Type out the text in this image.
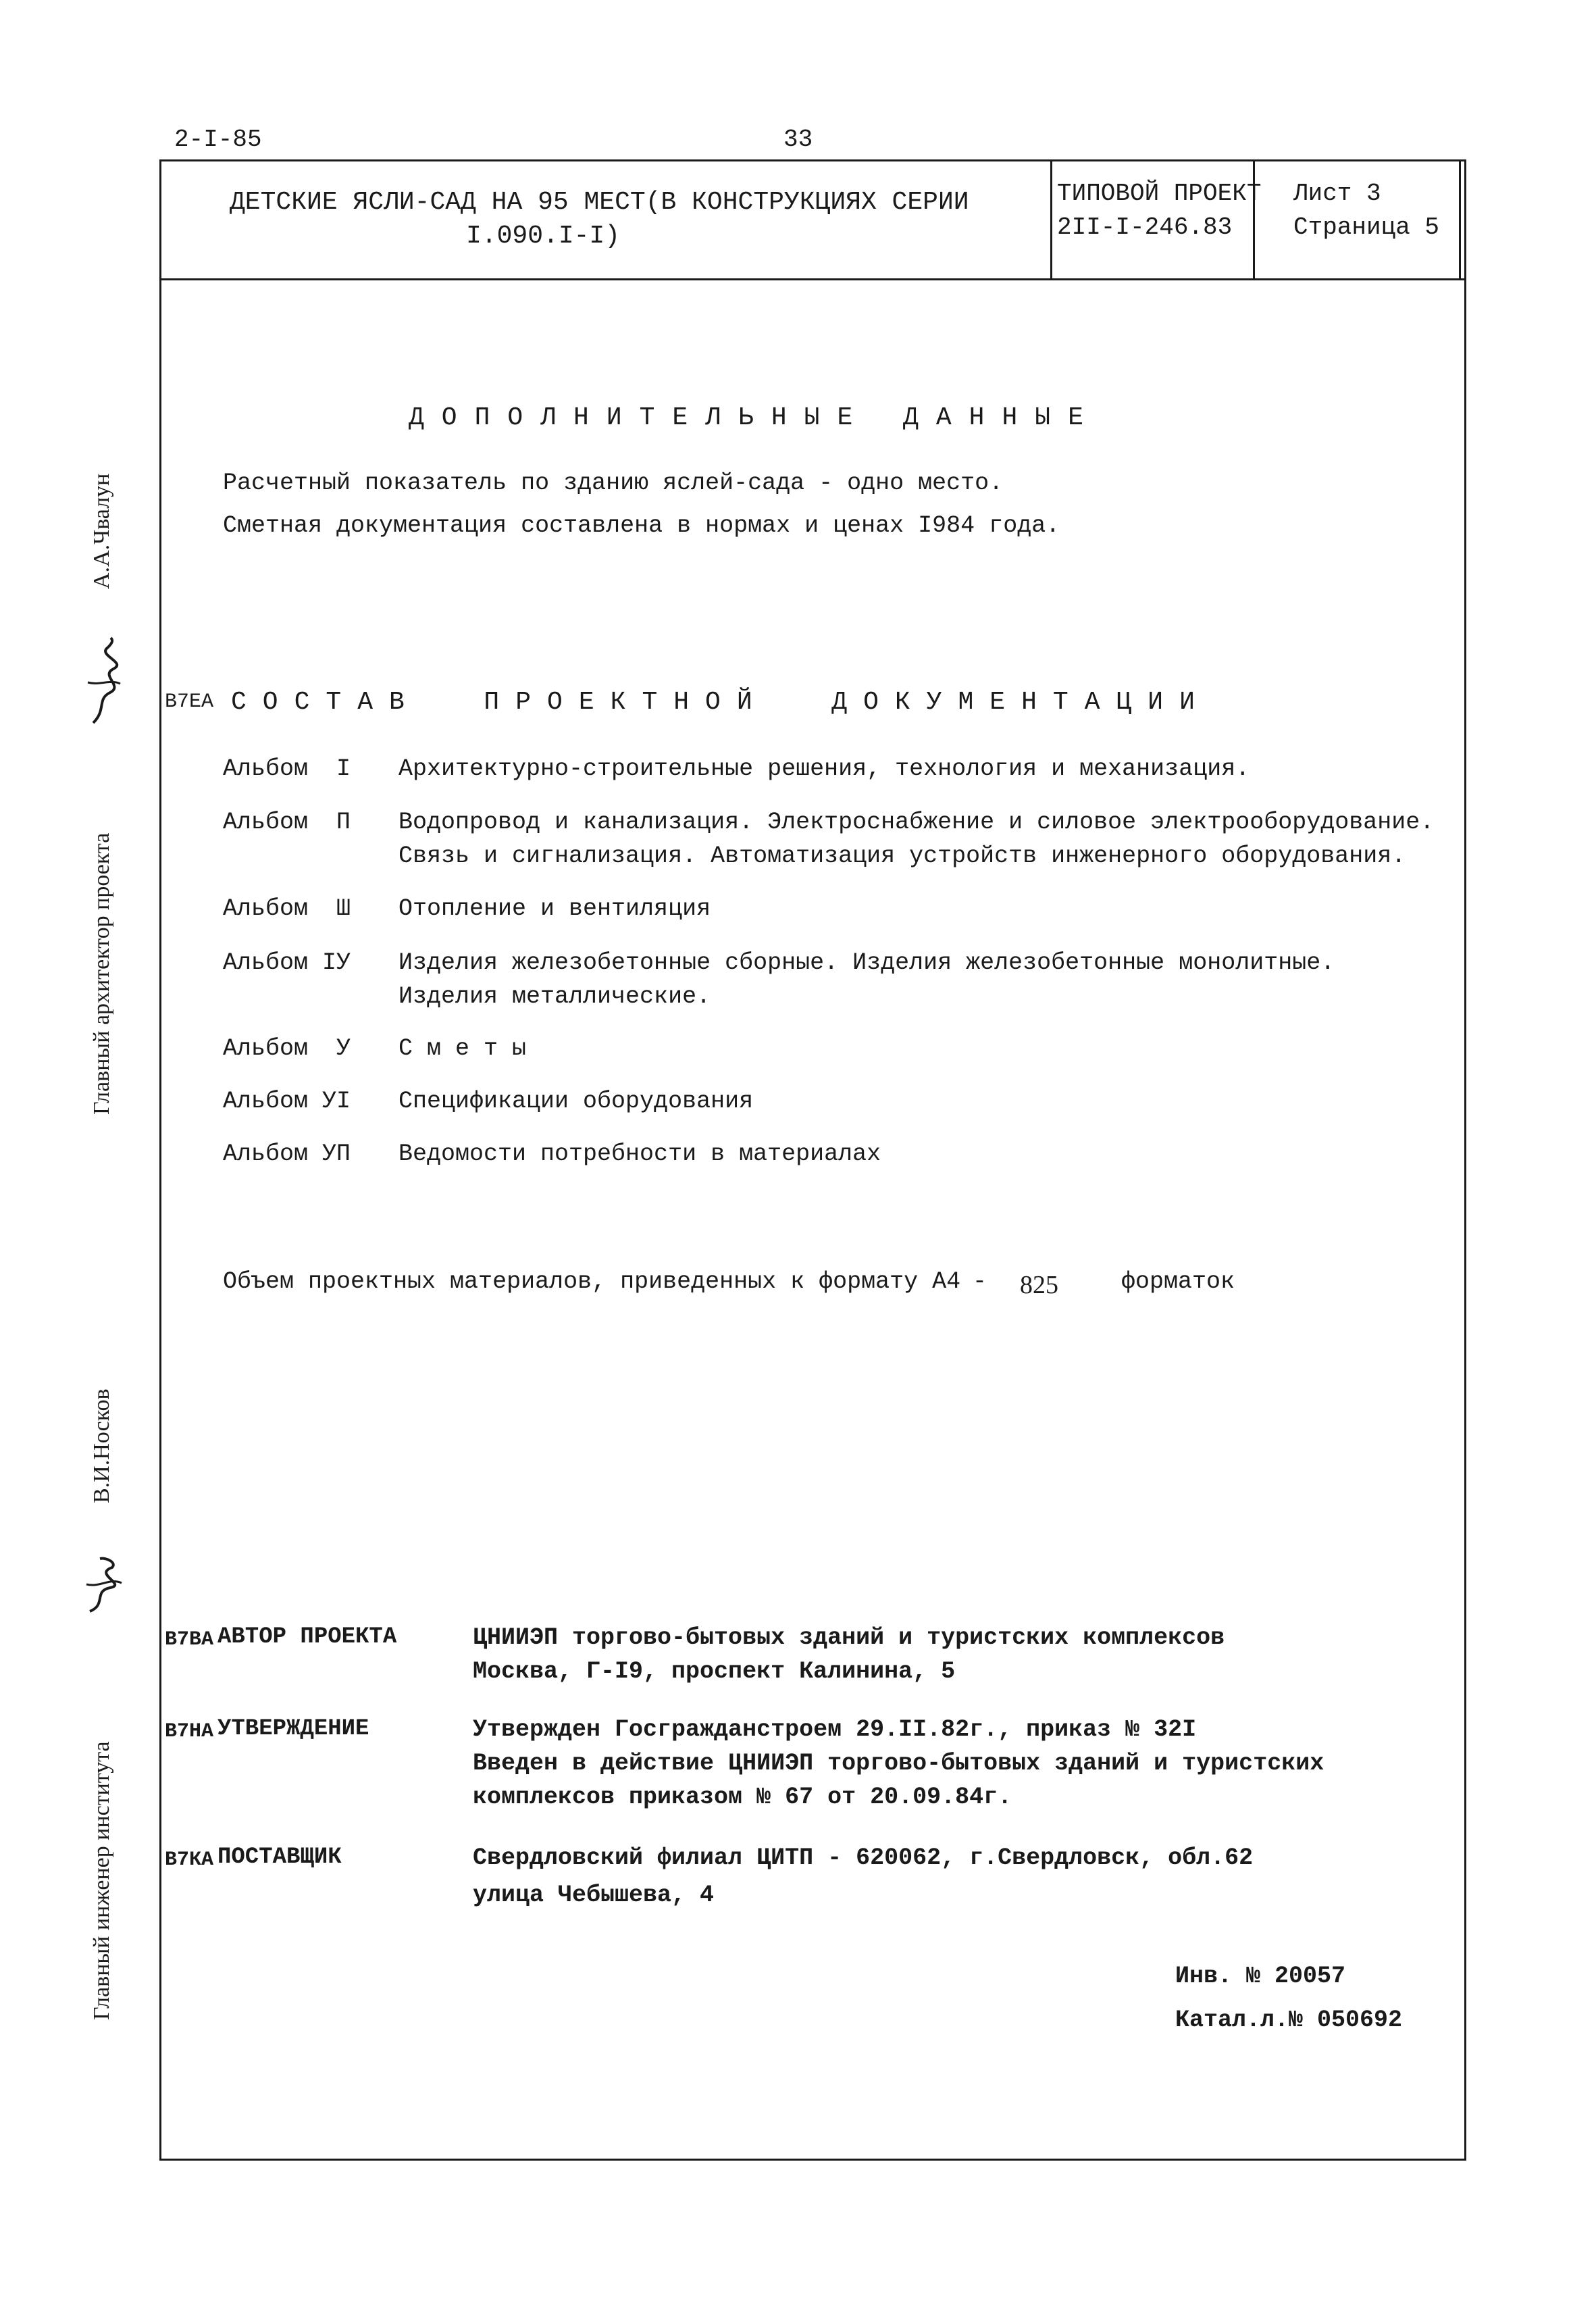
2-I-85	33
ДЕТСКИЕ ЯСЛИ-САД НА 95 МЕСТ(В КОНСТРУКЦИЯХ СЕРИИ
I.090.I-I)
ТИПОВОЙ ПРОЕКТ
2II-I-246.83
Лист 3
Страница 5
ДОПОЛНИТЕЛЬНЫЕ ДАННЫЕ
Расчетный показатель по зданию яслей-сада - одно место.
Сметная документация составлена в нормах и ценах I984 года.
В7ЕА СОСТАВ  ПРОЕКТНОЙ  ДОКУМЕНТАЦИИ
Альбом  I Архитектурно-строительные решения, технология и механизация.
Альбом  П Водопровод и канализация. Электроснабжение и силовое электрооборудование.
Связь и сигнализация. Автоматизация устройств инженерного оборудования.
Альбом  Ш Отопление и вентиляция
Альбом IУ Изделия железобетонные сборные. Изделия железобетонные монолитные.
Изделия металлические.
Альбом  У С м е т ы
Альбом УI Спецификации оборудования
Альбом УП Ведомости потребности в материалах
Объем проектных материалов, приведенных к формату А4 - 825	форматок
В7ВА АВТОР ПРОЕКТА	ЦНИИЭП торгово-бытовых зданий и туристских комплексов
Москва, Г-I9, проспект Калинина, 5
В7НА УТВЕРЖДЕНИЕ	Утвержден Госгражданстроем 29.II.82г., приказ № 32I
Введен в действие ЦНИИЭП торгово-бытовых зданий и туристских
комплексов приказом № 67 от 20.09.84г.
В7КА ПОСТАВЩИК	Свердловский филиал ЦИТП - 620062, г.Свердловск, обл.62
улица Чебышева, 4
Инв. № 20057
Катал.л.№ 050692
Главный архитектор проекта
А.А.Чвалун
Главный инженер института
В.И.Носков
